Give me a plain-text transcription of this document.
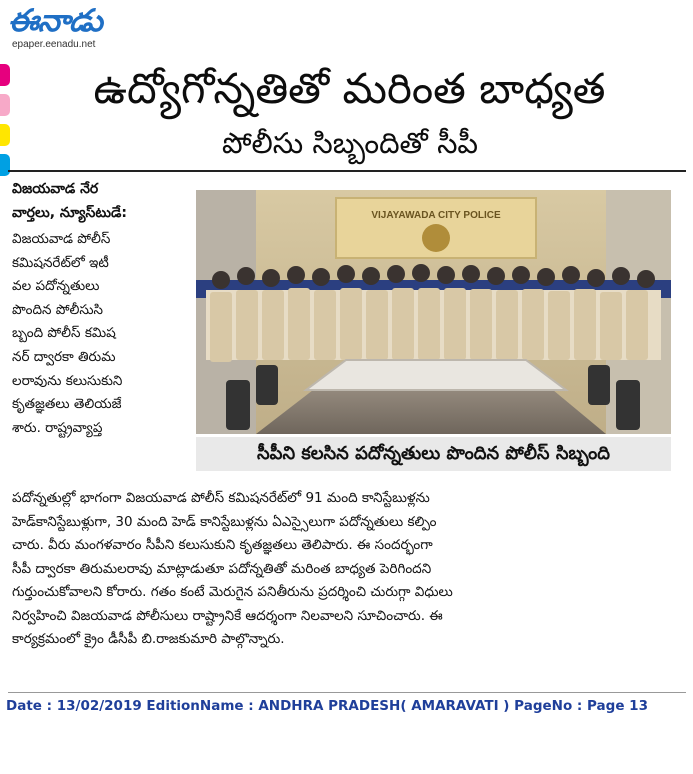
ఈనాడు
epaper.eenadu.net
ఉద్యోగోన్నతితో మరింత బాధ్యత
పోలీసు సిబ్బందితో సీపీ
విజయవాడ నేర
వార్తలు, న్యూస్‌టుడే:
విజయవాడ పోలీస్
కమిషనరేట్‌లో ఇటీ
వల పదోన్నతులు
పొందిన పోలీసుసి
బ్బంది పోలీస్ కమిష
నర్ ద్వారకా తిరుమ
లరావును కలుసుకుని
కృతజ్ఞతలు తెలియజే
శారు. రాష్ట్రవ్యాప్త
VIJAYAWADA CITY POLICE
సీపీని కలసిన పదోన్నతులు పొందిన పోలీస్ సిబ్బంది
పదోన్నతుల్లో భాగంగా విజయవాడ పోలీస్ కమిషనరేట్‌లో 91 మంది కానిస్టేబుళ్లను
హెడ్‌కానిస్టేబుళ్లుగా, 30 మంది హెడ్ కానిస్టేబుళ్లను ఏఎస్సైలుగా పదోన్నతులు కల్పిం
చారు. వీరు మంగళవారం సీపీని కలుసుకుని కృతజ్ఞతలు తెలిపారు. ఈ సందర్భంగా
సీపీ ద్వారకా తిరుమలరావు మాట్లాడుతూ పదోన్నతితో మరింత బాధ్యత పెరిగిందని
గుర్తుంచుకోవాలని కోరారు. గతం కంటే మెరుగైన పనితీరును ప్రదర్శించి చురుగ్గా విధులు
నిర్వహించి విజయవాడ పోలీసులు రాష్ట్రానికే ఆదర్శంగా నిలవాలని సూచించారు. ఈ
కార్యక్రమంలో క్రైం డీసీపీ బి.రాజకుమారి పాల్గొన్నారు.
Date : 13/02/2019 EditionName : ANDHRA PRADESH( AMARAVATI ) PageNo : Page 13
